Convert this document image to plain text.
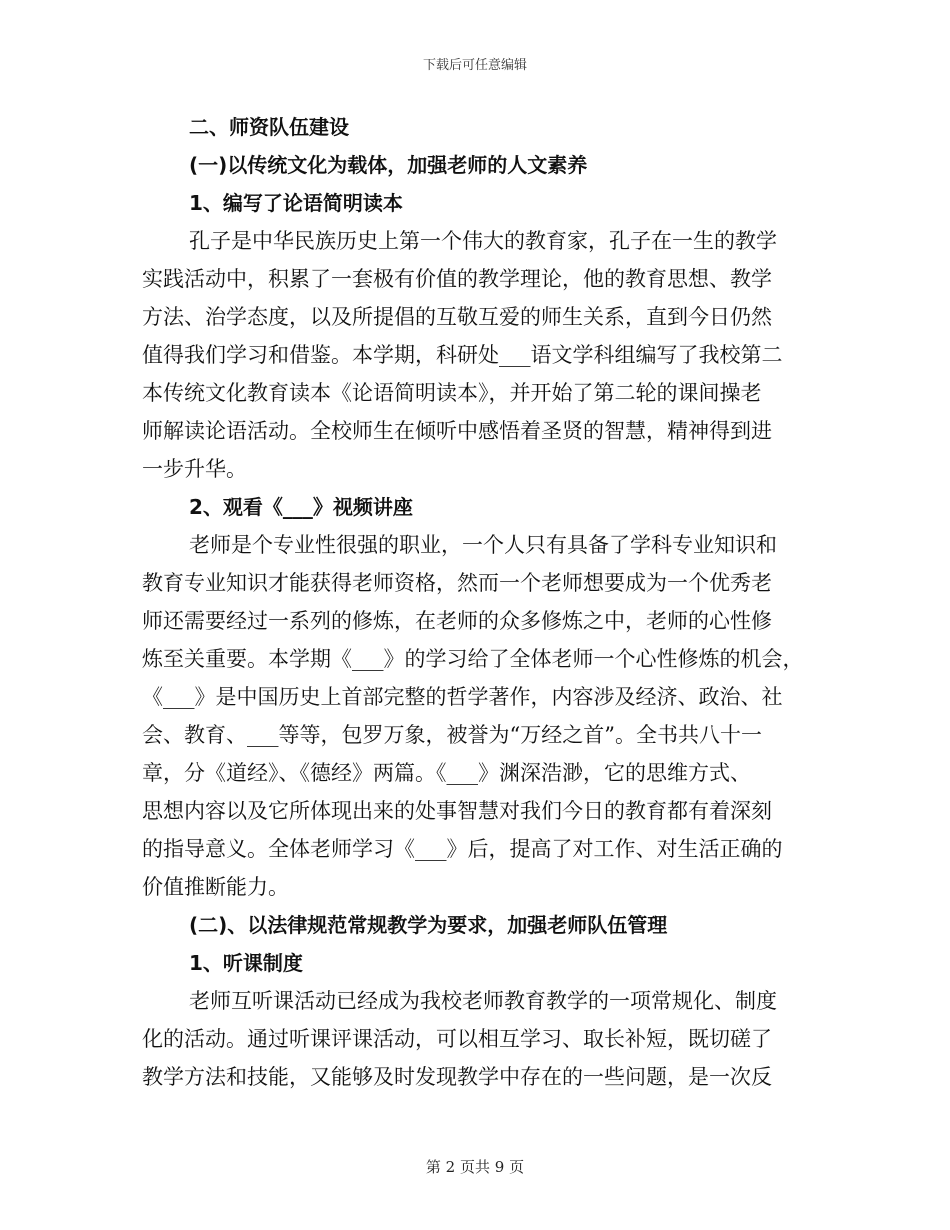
下载后可任意编辑
二、师资队伍建设
(一)以传统文化为载体，加强老师的人文素养
1、编写了论语简明读本
孔子是中华民族历史上第一个伟大的教育家，孔子在一生的教学
实践活动中，积累了一套极有价值的教学理论，他的教育思想、教学
方法、治学态度，以及所提倡的互敬互爱的师生关系，直到今日仍然
值得我们学习和借鉴。本学期，科研处___语文学科组编写了我校第二
本传统文化教育读本《论语简明读本》，并开始了第二轮的课间操老
师解读论语活动。全校师生在倾听中感悟着圣贤的智慧，精神得到进
一步升华。
2、观看《___》视频讲座
老师是个专业性很强的职业，一个人只有具备了学科专业知识和
教育专业知识才能获得老师资格，然而一个老师想要成为一个优秀老
师还需要经过一系列的修炼，在老师的众多修炼之中，老师的心性修
炼至关重要。本学期《___》的学习给了全体老师一个心性修炼的机会，
《___》是中国历史上首部完整的哲学著作，内容涉及经济、政治、社
会、教育、___等等，包罗万象，被誉为“万经之首”。全书共八十一
章，分《道经》、《德经》两篇。《___》渊深浩渺，它的思维方式、
思想内容以及它所体现出来的处事智慧对我们今日的教育都有着深刻
的指导意义。全体老师学习《___》后，提高了对工作、对生活正确的
价值推断能力。
(二)、以法律规范常规教学为要求，加强老师队伍管理
1、听课制度
老师互听课活动已经成为我校老师教育教学的一项常规化、制度
化的活动。通过听课评课活动，可以相互学习、取长补短，既切磋了
教学方法和技能，又能够及时发现教学中存在的一些问题，是一次反
第 2 页共 9 页
